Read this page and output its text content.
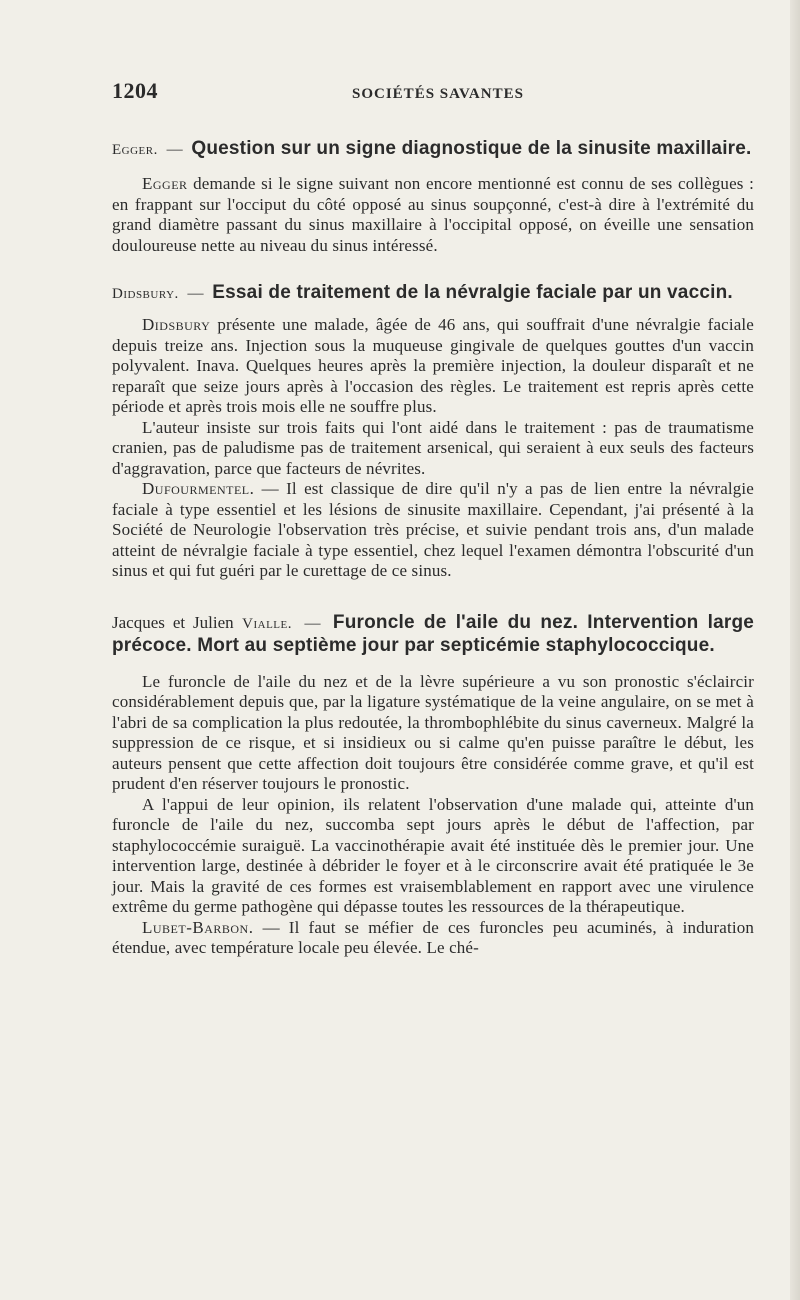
1204	SOCIÉTÉS SAVANTES
Egger. — Question sur un signe diagnostique de la sinusite maxillaire.

Egger demande si le signe suivant non encore mentionné est connu de ses collègues : en frappant sur l'occiput du côté opposé au sinus soupçonné, c'est-à dire à l'extrémité du grand diamètre passant du sinus maxillaire à l'occipital opposé, on éveille une sensation douloureuse nette au niveau du sinus intéressé.

Didsbury. — Essai de traitement de la névralgie faciale par un vaccin.

Didsbury présente une malade, âgée de 46 ans, qui souffrait d'une névralgie faciale depuis treize ans. Injection sous la muqueuse gingivale de quelques gouttes d'un vaccin polyvalent. Inava. Quelques heures après la première injection, la douleur disparaît et ne reparaît que seize jours après à l'occasion des règles. Le traitement est repris après cette période et après trois mois elle ne souffre plus.

L'auteur insiste sur trois faits qui l'ont aidé dans le traitement : pas de traumatisme cranien, pas de paludisme pas de traitement arsenical, qui seraient à eux seuls des facteurs d'aggravation, parce que facteurs de névrites.

Dufourmentel. — Il est classique de dire qu'il n'y a pas de lien entre la névralgie faciale à type essentiel et les lésions de sinusite maxillaire. Cependant, j'ai présenté à la Société de Neurologie l'observation très précise, et suivie pendant trois ans, d'un malade atteint de névralgie faciale à type essentiel, chez lequel l'examen démontra l'obscurité d'un sinus et qui fut guéri par le curettage de ce sinus.

Jacques et Julien Vialle. — Furoncle de l'aile du nez. Intervention large précoce. Mort au septième jour par septicémie staphylococcique.

Le furoncle de l'aile du nez et de la lèvre supérieure a vu son pronostic s'éclaircir considérablement depuis que, par la ligature systématique de la veine angulaire, on se met à l'abri de sa complication la plus redoutée, la thrombophlébite du sinus caverneux. Malgré la suppression de ce risque, et si insidieux ou si calme qu'en puisse paraître le début, les auteurs pensent que cette affection doit toujours être considérée comme grave, et qu'il est prudent d'en réserver toujours le pronostic.

A l'appui de leur opinion, ils relatent l'observation d'une malade qui, atteinte d'un furoncle de l'aile du nez, succomba sept jours après le début de l'affection, par staphylococcémie suraiguë. La vaccinothérapie avait été instituée dès le premier jour. Une intervention large, destinée à débrider le foyer et à le circonscrire avait été pratiquée le 3e jour. Mais la gravité de ces formes est vraisemblablement en rapport avec une virulence extrême du germe pathogène qui dépasse toutes les ressources de la thérapeutique.

Lubet-Barbon. — Il faut se méfier de ces furoncles peu acuminés, à induration étendue, avec température locale peu élevée. Le ché-
